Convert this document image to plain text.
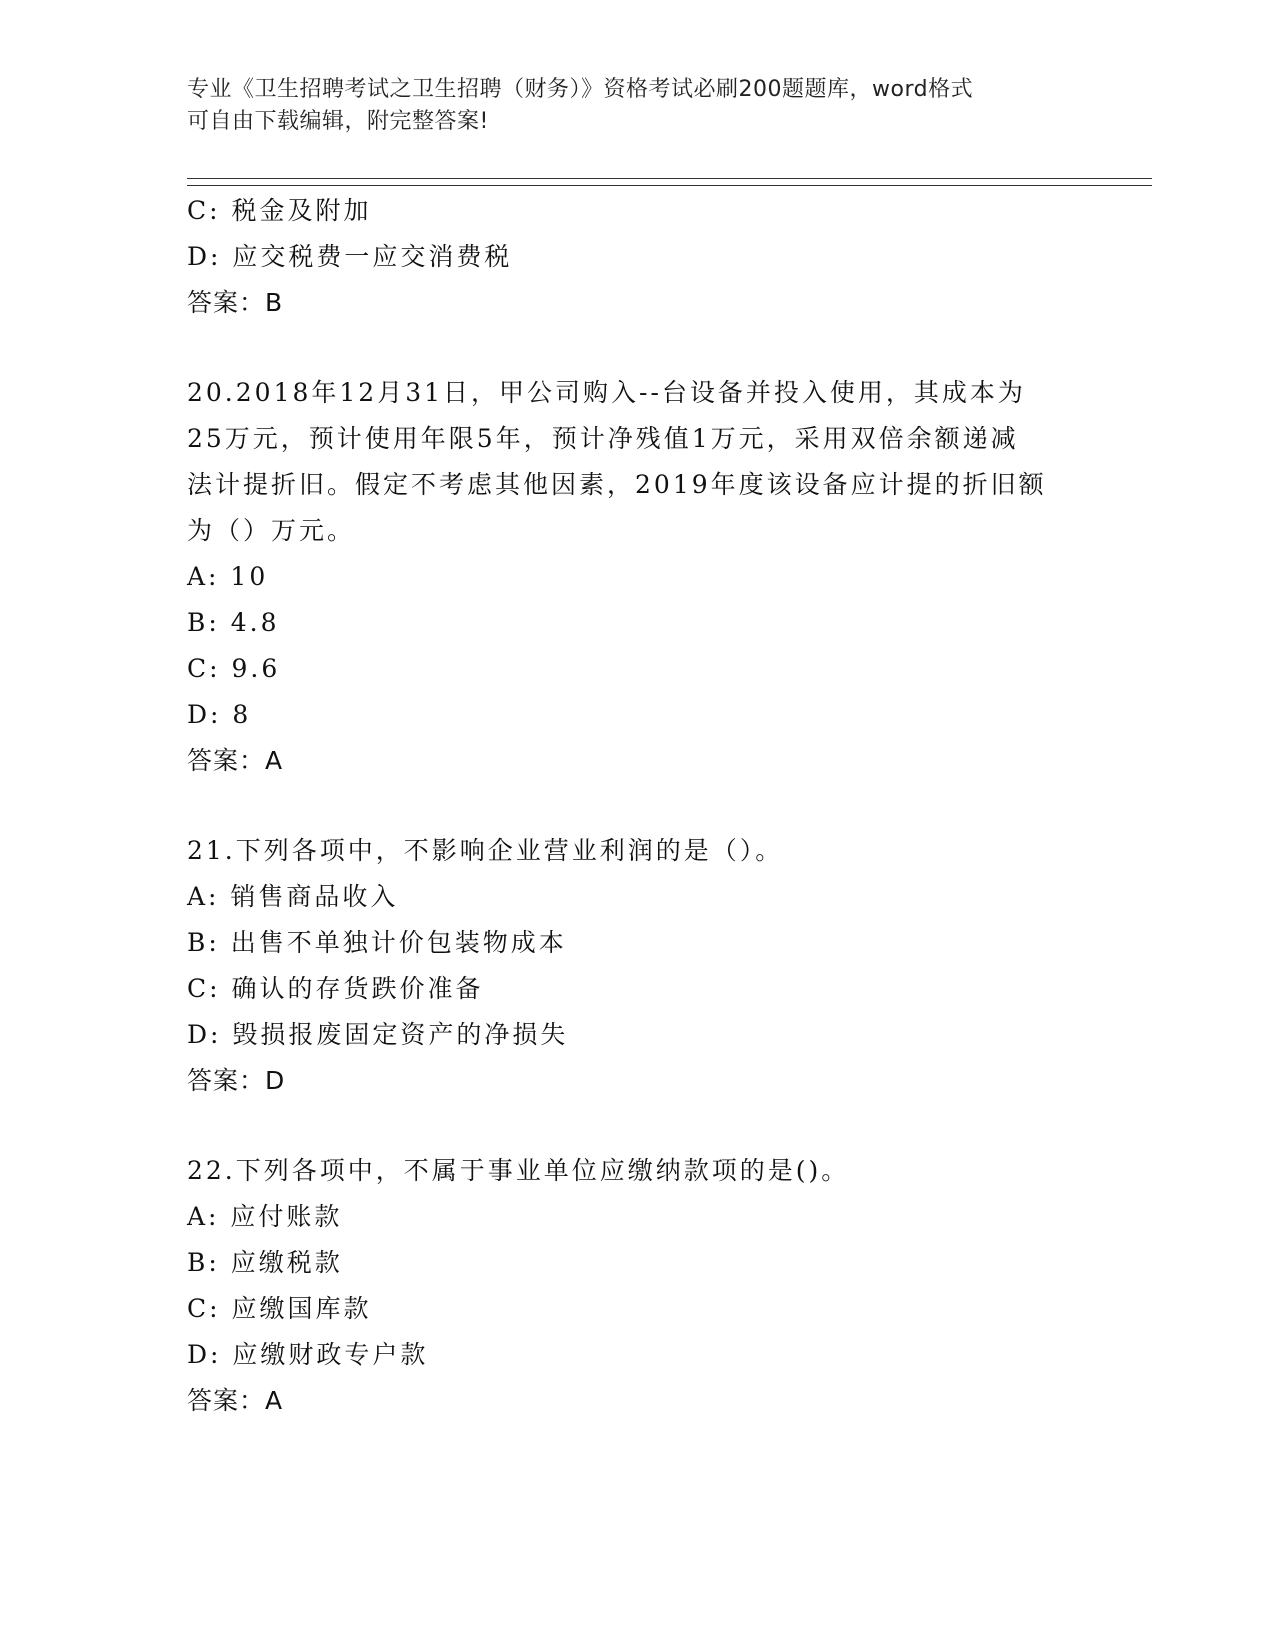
专业《卫生招聘考试之卫生招聘（财务）》资格考试必刷200题题库，word格式
可自由下载编辑，附完整答案!
C: 税金及附加
D: 应交税费一应交消费税
答案：B
20.2018年12月31日，甲公司购入--台设备并投入使用，其成本为
25万元，预计使用年限5年，预计净残值1万元，采用双倍余额递减
法计提折旧。假定不考虑其他因素，2019年度该设备应计提的折旧额
为（）万元。
A: 10
B: 4.8
C: 9.6
D: 8
答案：A
21.下列各项中，不影响企业营业利润的是（）。
A: 销售商品收入
B: 出售不单独计价包装物成本
C: 确认的存货跌价准备
D: 毁损报废固定资产的净损失
答案：D
22.下列各项中，不属于事业单位应缴纳款项的是()。
A: 应付账款
B: 应缴税款
C: 应缴国库款
D: 应缴财政专户款
答案：A
